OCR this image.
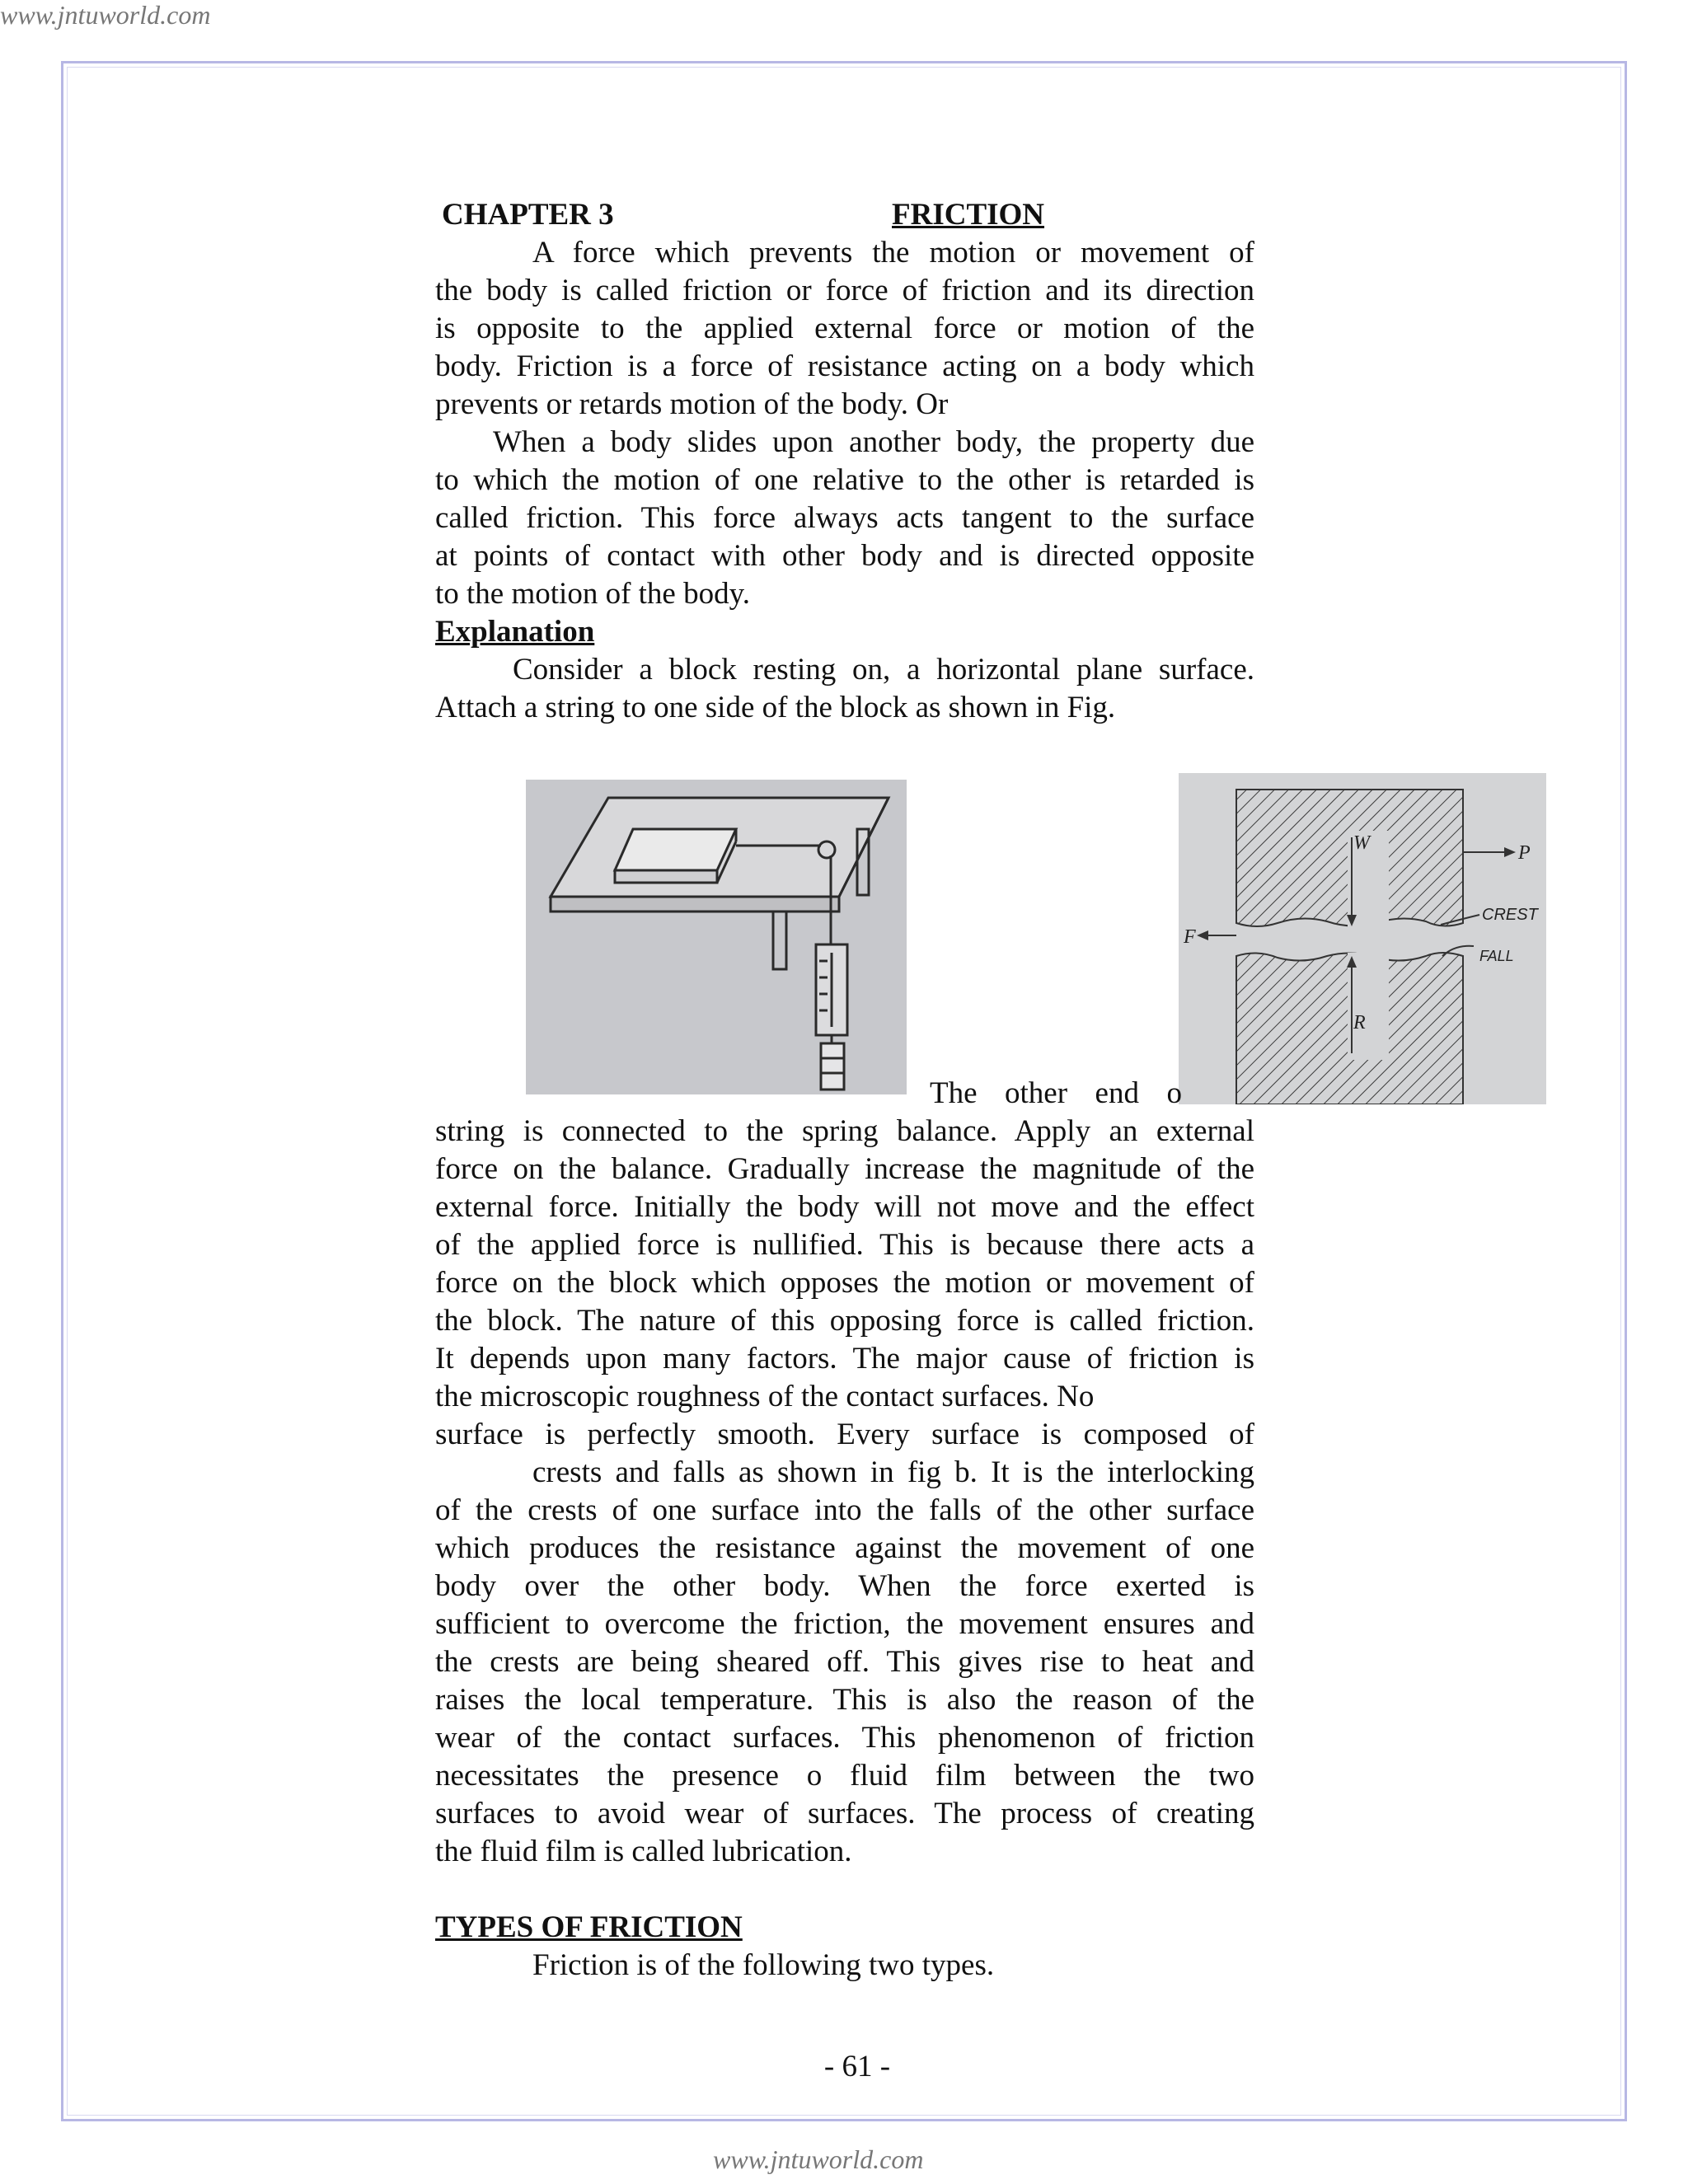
www.jntuworld.com
CHAPTER 3	FRICTION
A force which prevents the motion or movement of
the body is called friction or force of friction and its direction
is opposite to the applied external force or motion of the
body. Friction is a force of resistance acting on a body which
prevents or retards motion of the body. Or
When a body slides upon another body, the property due
to which the motion of one relative to the other is retarded is
called friction. This force always acts tangent to the surface
at points of contact with other body and is directed opposite
to the motion of the body.
Explanation
Consider a block resting on, a horizontal plane surface.
Attach a string to one side of the block as shown in Fig.
W	P
CREST
F
FALL
R
The other end o
string is connected to the spring balance. Apply an external
force on the balance. Gradually increase the magnitude of the
external force. Initially the body will not move and the effect
of the applied force is nullified. This is because there acts a
force on the block which opposes the motion or movement of
the block. The nature of this opposing force is called friction.
It depends upon many factors. The major cause of friction is
the microscopic roughness of the contact surfaces. No
surface is perfectly smooth. Every surface is composed of
crests and falls as shown in fig b. It is the interlocking
of the crests of one surface into the falls of the other surface
which produces the resistance against the movement of one
body over the other body. When the force exerted is
sufficient to overcome the friction, the movement ensures and
the crests are being sheared off. This gives rise to heat and
raises the local temperature. This is also the reason of the
wear of the contact surfaces. This phenomenon of friction
necessitates the presence o fluid film between the two
surfaces to avoid wear of surfaces. The process of creating
the fluid film is called lubrication.
TYPES OF FRICTION
Friction is of the following two types.
- 61 -
www.jntuworld.com
